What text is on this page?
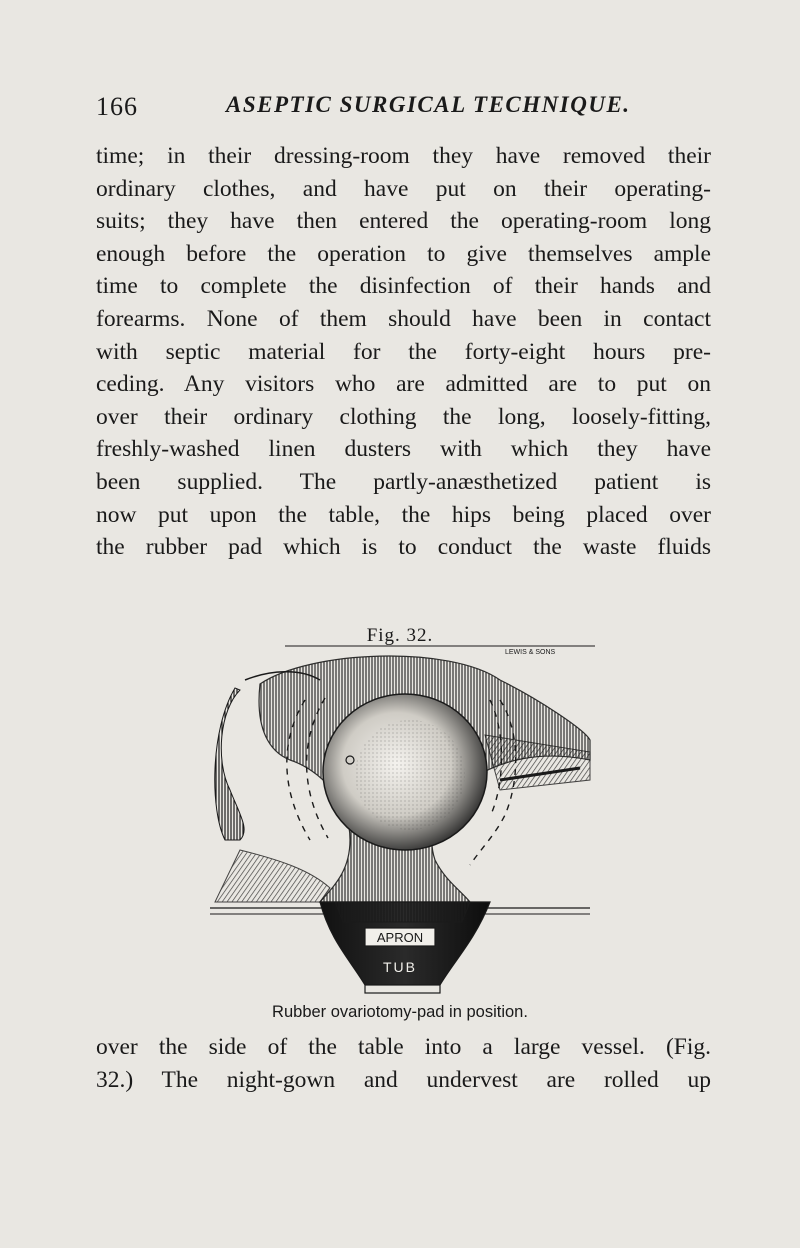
166	ASEPTIC SURGICAL TECHNIQUE.
time; in their dressing-room they have removed their
ordinary clothes, and have put on their operating-
suits; they have then entered the operating-room long
enough before the operation to give themselves ample
time to complete the disinfection of their hands and
forearms. None of them should have been in contact
with septic material for the forty-eight hours pre-
ceding. Any visitors who are admitted are to put on
over their ordinary clothing the long, loosely-fitting,
freshly-washed linen dusters with which they have
been supplied. The partly-anæsthetized patient is
now put upon the table, the hips being placed over
the rubber pad which is to conduct the waste fluids
Fig. 32.
LEWIS & SONS
APRON
TUB
Rubber ovariotomy-pad in position.
over the side of the table into a large vessel. (Fig.
32.) The night-gown and undervest are rolled up
